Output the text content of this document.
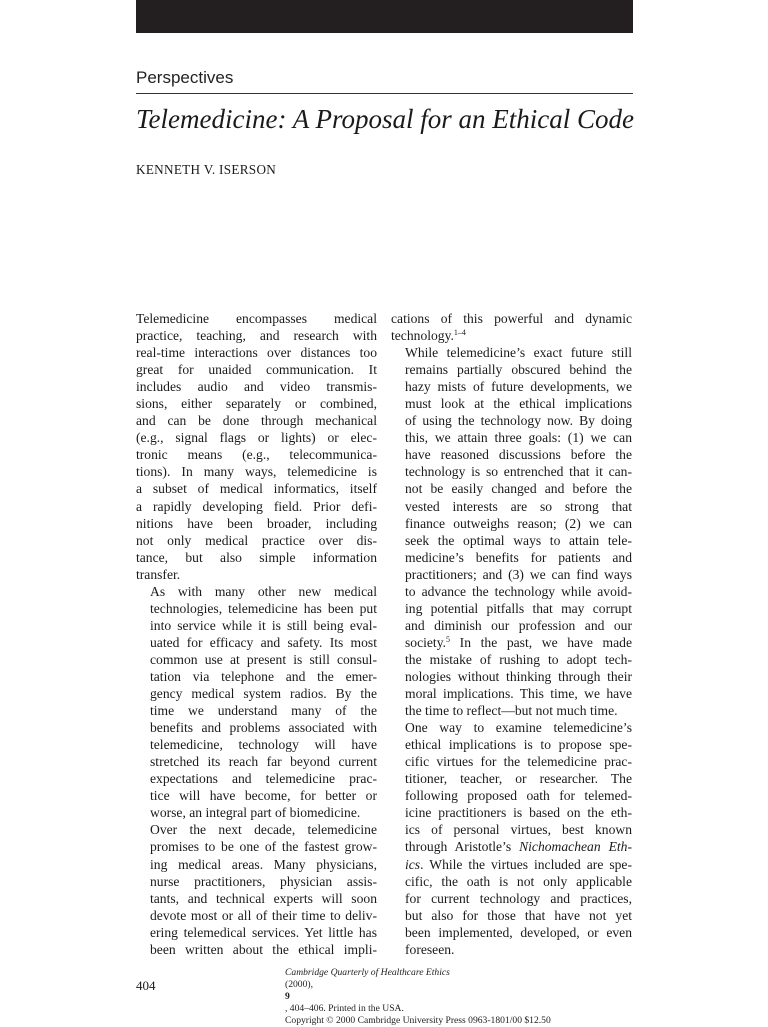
Perspectives
Telemedicine: A Proposal for an Ethical Code
KENNETH V. ISERSON

Telemedicine encompasses medical
practice, teaching, and research with
real-time interactions over distances too
great for unaided communication. It
includes audio and video transmis-
sions, either separately or combined,
and can be done through mechanical
(e.g., signal flags or lights) or elec-
tronic means (e.g., telecommunica-
tions). In many ways, telemedicine is
a subset of medical informatics, itself
a rapidly developing field. Prior defi-
nitions have been broader, including
not only medical practice over dis-
tance, but also simple information
transfer.

As with many other new medical
technologies, telemedicine has been put
into service while it is still being eval-
uated for efficacy and safety. Its most
common use at present is still consul-
tation via telephone and the emer-
gency medical system radios. By the
time we understand many of the
benefits and problems associated with
telemedicine, technology will have
stretched its reach far beyond current
expectations and telemedicine prac-
tice will have become, for better or
worse, an integral part of biomedicine.

Over the next decade, telemedicine
promises to be one of the fastest grow-
ing medical areas. Many physicians,
nurse practitioners, physician assis-
tants, and technical experts will soon
devote most or all of their time to deliv-
ering telemedical services. Yet little has
been written about the ethical impli-

cations of this powerful and dynamic
technology.$^{1-4}$

While telemedicine’s exact future still
remains partially obscured behind the
hazy mists of future developments, we
must look at the ethical implications
of using the technology now. By doing
this, we attain three goals: (1) we can
have reasoned discussions before the
technology is so entrenched that it can-
not be easily changed and before the
vested interests are so strong that
finance outweighs reason; (2) we can
seek the optimal ways to attain tele-
medicine’s benefits for patients and
practitioners; and (3) we can find ways
to advance the technology while avoid-
ing potential pitfalls that may corrupt
and diminish our profession and our
society.$^5$ In the past, we have made
the mistake of rushing to adopt tech-
nologies without thinking through their
moral implications. This time, we have
the time to reflect—but not much time.

One way to examine telemedicine’s
ethical implications is to propose spe-
cific virtues for the telemedicine prac-
titioner, teacher, or researcher. The
following proposed oath for telemed-
icine practitioners is based on the eth-
ics of personal virtues, best known
through Aristotle’s Nichomachean Eth-
ics. While the virtues included are spe-
cific, the oath is not only applicable
for current technology and practices,
but also for those that have not yet
been implemented, developed, or even
foreseen.

404
Cambridge Quarterly of Healthcare Ethics
(2000),
9
, 404–406. Printed in the USA.
Copyright © 2000 Cambridge University Press 0963-1801/00 $12.50
